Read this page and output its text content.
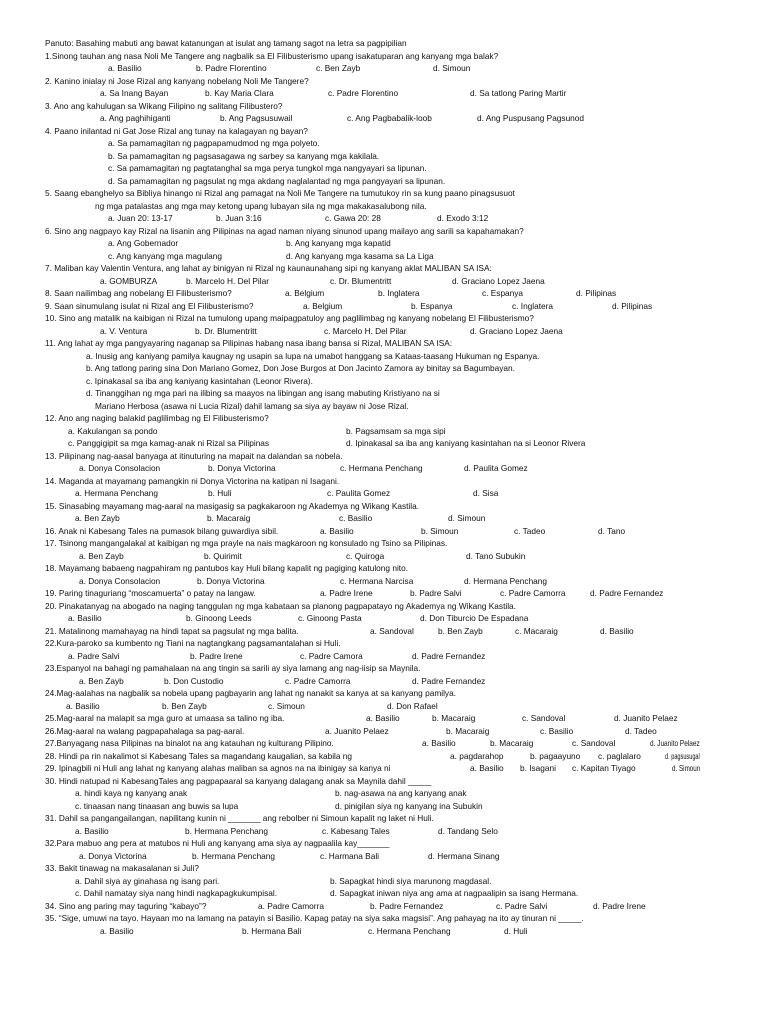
Panuto: Basahing mabuti ang bawat katanungan at isulat ang tamang sagot na letra sa pagpipilian
1.Sinong tauhan ang nasa Noli Me Tangere ang nagbalik sa El Filibusterismo upang isakatuparan ang kanyang mga balak?
a. Basilio	b. Padre Florentino	c. Ben Zayb	d. Simoun
2. Kanino inialay ni Jose Rizal ang kanyang nobelang Noli Me Tangere?
a. Sa Inang Bayan	b. Kay Maria Clara	c. Padre Florentino	d. Sa tatlong Paring Martir
3. Ano ang kahulugan sa Wikang Filipino ng salitang Filibustero?
a. Ang paghihiganti	b. Ang Pagsusuwail	c. Ang Pagbabalik-loob	d. Ang Puspusang Pagsunod
4. Paano inilantad ni Gat Jose Rizal ang tunay na kalagayan ng bayan?
a. Sa pamamagitan ng pagpapamudmod ng mga polyeto.
b. Sa pamamagitan ng pagsasagawa ng sarbey sa kanyang mga kakilala.
c. Sa pamamagitan ng pagtatanghal sa mga perya tungkol mga nangyayari sa lipunan.
d. Sa pamamagitan ng pagsulat ng mga akdang naglalantad ng mga pangyayari sa lipunan.
5. Saang ebanghelyo sa Bibliya hinango ni Rizal ang pamagat na Noli Me Tangere na tumutukoy rin sa kung paano pinagsusuot
ng mga patalastas ang mga may ketong upang lubayan sila ng mga makakasalubong nila.
a. Juan 20: 13-17	b. Juan 3:16	c. Gawa 20: 28	d. Exodo 3:12
6. Sino ang nagpayo kay Rizal na lisanin ang Pilipinas na agad naman niyang sinunod upang mailayo ang sarili sa kapahamakan?
a. Ang Gobernador	b. Ang kanyang mga kapatid
c. Ang kanyang mga magulang	d. Ang kanyang mga kasama sa La Liga
7. Maliban kay Valentin Ventura, ang lahat ay binigyan ni Rizal ng kaunaunahang sipi ng kanyang aklat MALIBAN SA ISA:
a. GOMBURZA	b. Marcelo H. Del Pilar	c. Dr. Blumentritt	d. Graciano Lopez Jaena
8. Saan nailimbag ang nobelang El Filibusterismo?	a. Belgium	b. Inglatera	c. Espanya	d. Pilipinas
9. Saan sinumulang isulat ni Rizal ang El Filibusterismo?	a. Belgium	b. Espanya	c. Inglatera	d. Pilipinas
10. Sino ang matalik na kaibigan ni Rizal na tumulong upang maipagpatuloy ang paglilimbag ng kanyang nobelang El Filibusterismo?
a. V. Ventura	b. Dr. Blumentritt	c. Marcelo H. Del Pilar	d. Graciano Lopez Jaena
11. Ang lahat ay mga pangyayaring naganap sa Pilipinas habang nasa ibang bansa si Rizal, MALIBAN SA ISA:
a. Inusig ang kaniyang pamilya kaugnay ng usapin sa lupa na umabot hanggang sa Kataas-taasang Hukuman ng Espanya.
b. Ang tatlong paring sina Don Mariano Gomez, Don Jose Burgos at Don Jacinto Zamora ay binitay sa Bagumbayan.
c. Ipinakasal sa iba ang kaniyang kasintahan (Leonor Rivera).
d. Tinanggihan ng mga pari na ilibing sa maayos na libingan ang isang mabuting Kristiyano na si
Mariano Herbosa (asawa ni Lucia Rizal) dahil lamang sa siya ay bayaw ni Jose Rizal.
12. Ano ang naging balakid paglilimbag ng El Filibusterismo?
a. Kakulangan sa pondo	b. Pagsamsam sa mga sipi
c. Panggigipit sa mga kamag-anak ni Rizal sa Pilipinas	d. Ipinakasal sa iba ang kaniyang kasintahan na si Leonor Rivera
13. Pilipinang nag-aasal banyaga at itinuturing na mapait na dalandan sa nobela.
a. Donya Consolacion	b. Donya Victorina	c. Hermana Penchang	d. Paulita Gomez
14. Maganda at mayamang pamangkin ni Donya Victorina na katipan ni Isagani.
a. Hermana Penchang	b. Huli	c. Paulita Gomez	d. Sisa
15. Sinasabing mayamang mag-aaral na masigasig sa pagkakaroon ng Akademya ng Wikang Kastila.
a. Ben Zayb	b. Macaraig	c. Basilio	d. Simoun
16. Anak ni Kabesang Tales na pumasok bilang guwardiya sibil.	a. Basilio	b. Simoun	c. Tadeo	d. Tano
17. Tsinong mangangalakal at kaibigan ng mga prayle na nais magkaroon ng konsulado ng Tsino sa Pilipinas.
a. Ben Zayb	b. Quirimit	c. Quiroga	d. Tano Subukin
18. Mayamang babaeng nagpahiram ng pantubos kay Huli bilang kapalit ng pagiging katulong nito.
a. Donya Consolacion	b. Donya Victorina	c. Hermana Narcisa	d. Hermana Penchang
19. Paring tinaguriang “moscamuerta” o patay na langaw.	a. Padre Irene	b. Padre Salvi	c. Padre Camorra	d. Padre Fernandez
20. Pinakatanyag na abogado na naging tanggulan ng mga kabataan sa planong pagpapatayo ng Akademya ng Wikang Kastila.
a. Basilio	b. Ginoong Leeds	c. Ginoong Pasta	d. Don Tiburcio De Espadana
21. Matalinong mamahayag na hindi tapat sa pagsulat ng mga balita.	a. Sandoval	b. Ben Zayb	c. Macaraig	d. Basilio
22.Kura-paroko sa kumbento ng Tiani na nagtangkang pagsamantalahan si Huli.
a. Padre Salvi	b. Padre Irene	c. Padre Camora	d. Padre Fernandez
23.Espanyol na bahagi ng pamahalaan na ang tingin sa sarili ay siya lamang ang nag-iisip sa Maynila.
a. Ben Zayb	b. Don Custodio	c. Padre Camorra	d. Padre Fernandez
24.Mag-aalahas na nagbalik sa nobela upang pagbayarin ang lahat ng nanakit sa kanya at sa kanyang pamilya.
a. Basilio	b. Ben Zayb	c. Simoun	d. Don Rafael
25.Mag-aaral na malapit sa mga guro at umaasa sa talino ng iba.	a. Basilio	b. Macaraig	c. Sandoval	d. Juanito Pelaez
26.Mag-aaral na walang pagpapahalaga sa pag-aaral.	a. Juanito Pelaez	b. Macaraig	c. Basilio	d. Tadeo
27.Banyagang nasa Pilipinas na binalot na ang katauhan ng kulturang Pilipino.	a. Basilio	b. Macaraig	c. Sandoval	d. Juanito Pelaez
28. Hindi pa rin nakalimot si Kabesang Tales sa magandang kaugalian, sa kabila ng	a. pagdarahop	b. pagaayuno c. paglalaro	d. pagsusugal
29. Ipinagbili ni Huli ang lahat ng kanyang alahas maliban sa agnos na na ibinigay sa kanya ni	a. Basilio b. Isagani c. Kapitan Tiyago	d. Simoun
30. Hindi natupad ni KabesangTales ang pagpapaaral sa kanyang dalagang anak sa Maynila dahil _____
a. hindi kaya ng kanyang anak	b. nag-asawa na ang kanyang anak
c. tinaasan nang tinaasan ang buwis sa lupa	d. pinigilan siya ng kanyang ina Subukin
31. Dahil sa pangangailangan, napilitang kunin ni _______ ang rebolber ni Simoun kapalit ng laket ni Huli.
a. Basilio	b. Hermana Penchang	c. Kabesang Tales	d. Tandang Selo
32.Para mabuo ang pera at matubos ni Huli ang kanyang ama siya ay nagpaalila kay_______
a. Donya Victorina	b. Hermana Penchang	c. Harmana Bali	d. Hermana Sinang
33. Bakit tinawag na makasalanan si Juli?
a. Dahil siya ay ginahasa ng isang pari.	b. Sapagkat hindi siya marunong magdasal.
c. Dahil namatay siya nang hindi nagkapagkukumpisal.	d. Sapagkat iniwan niya ang ama at nagpaalipin sa isang Hermana.
34. Sino ang paring may taguring “kabayo”?	a. Padre Camorra	b. Padre Fernandez	c. Padre Salvi	d. Padre Irene
35. “Sige, umuwi na tayo. Hayaan mo na lamang na patayin si Basilio. Kapag patay na siya saka magsisi”. Ang pahayag na ito ay tinuran ni _____.
a. Basilio	b. Hermana Bali	c. Hermana Penchang	d. Huli
